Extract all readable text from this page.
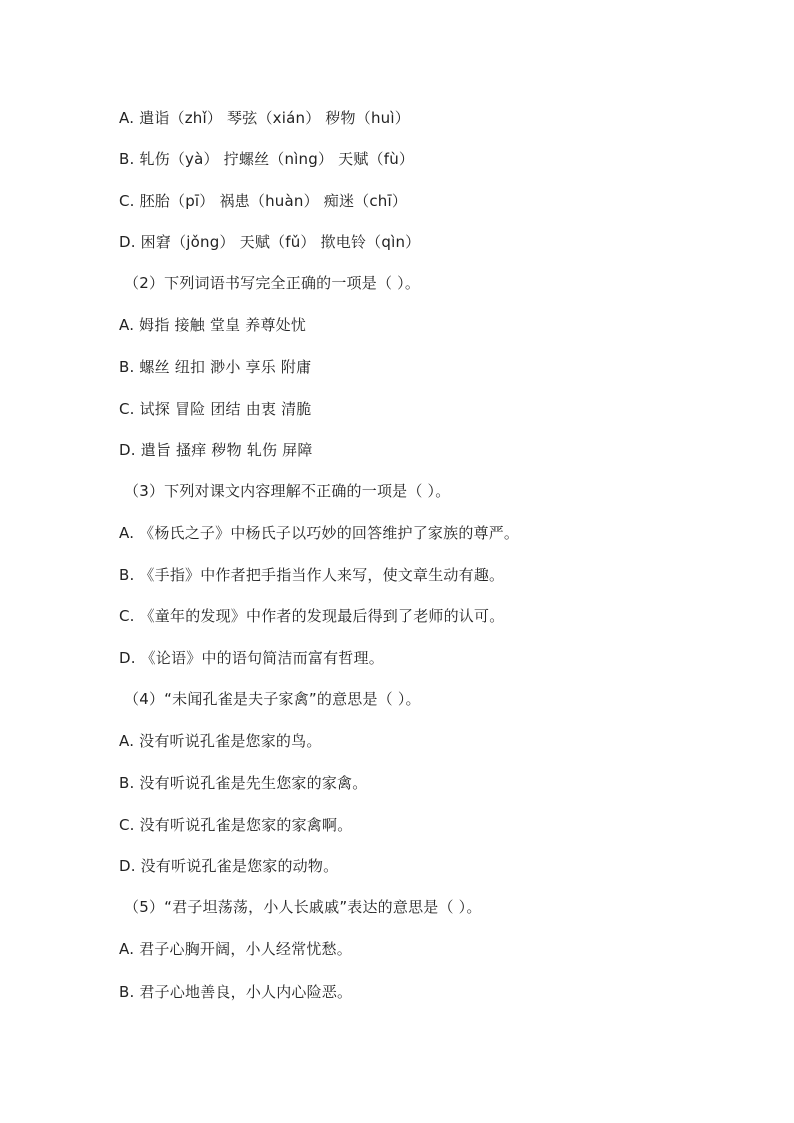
A. 遣诣（zhǐ） 琴弦（xián） 秽物（huì）
B. 轧伤（yà） 拧螺丝（nìng） 天赋（fù）
C. 胚胎（pī） 祸患（huàn） 痴迷（chī）
D. 困窘（jǒng） 天赋（fǔ） 揿电铃（qìn）
（2）下列词语书写完全正确的一项是（ ）。
A. 姆指 接触 堂皇 养尊处忧
B. 螺丝 纽扣 渺小 享乐 附庸
C. 试探 冒险 团结 由衷 清脆
D. 遣旨 搔痒 秽物 轧伤 屏障
（3）下列对课文内容理解不正确的一项是（ ）。
A. 《杨氏之子》中杨氏子以巧妙的回答维护了家族的尊严。
B. 《手指》中作者把手指当作人来写，使文章生动有趣。
C. 《童年的发现》中作者的发现最后得到了老师的认可。
D. 《论语》中的语句简洁而富有哲理。
（4）“未闻孔雀是夫子家禽”的意思是（ ）。
A. 没有听说孔雀是您家的鸟。
B. 没有听说孔雀是先生您家的家禽。
C. 没有听说孔雀是您家的家禽啊。
D. 没有听说孔雀是您家的动物。
（5）“君子坦荡荡，小人长戚戚”表达的意思是（ ）。
A. 君子心胸开阔，小人经常忧愁。
B. 君子心地善良，小人内心险恶。
